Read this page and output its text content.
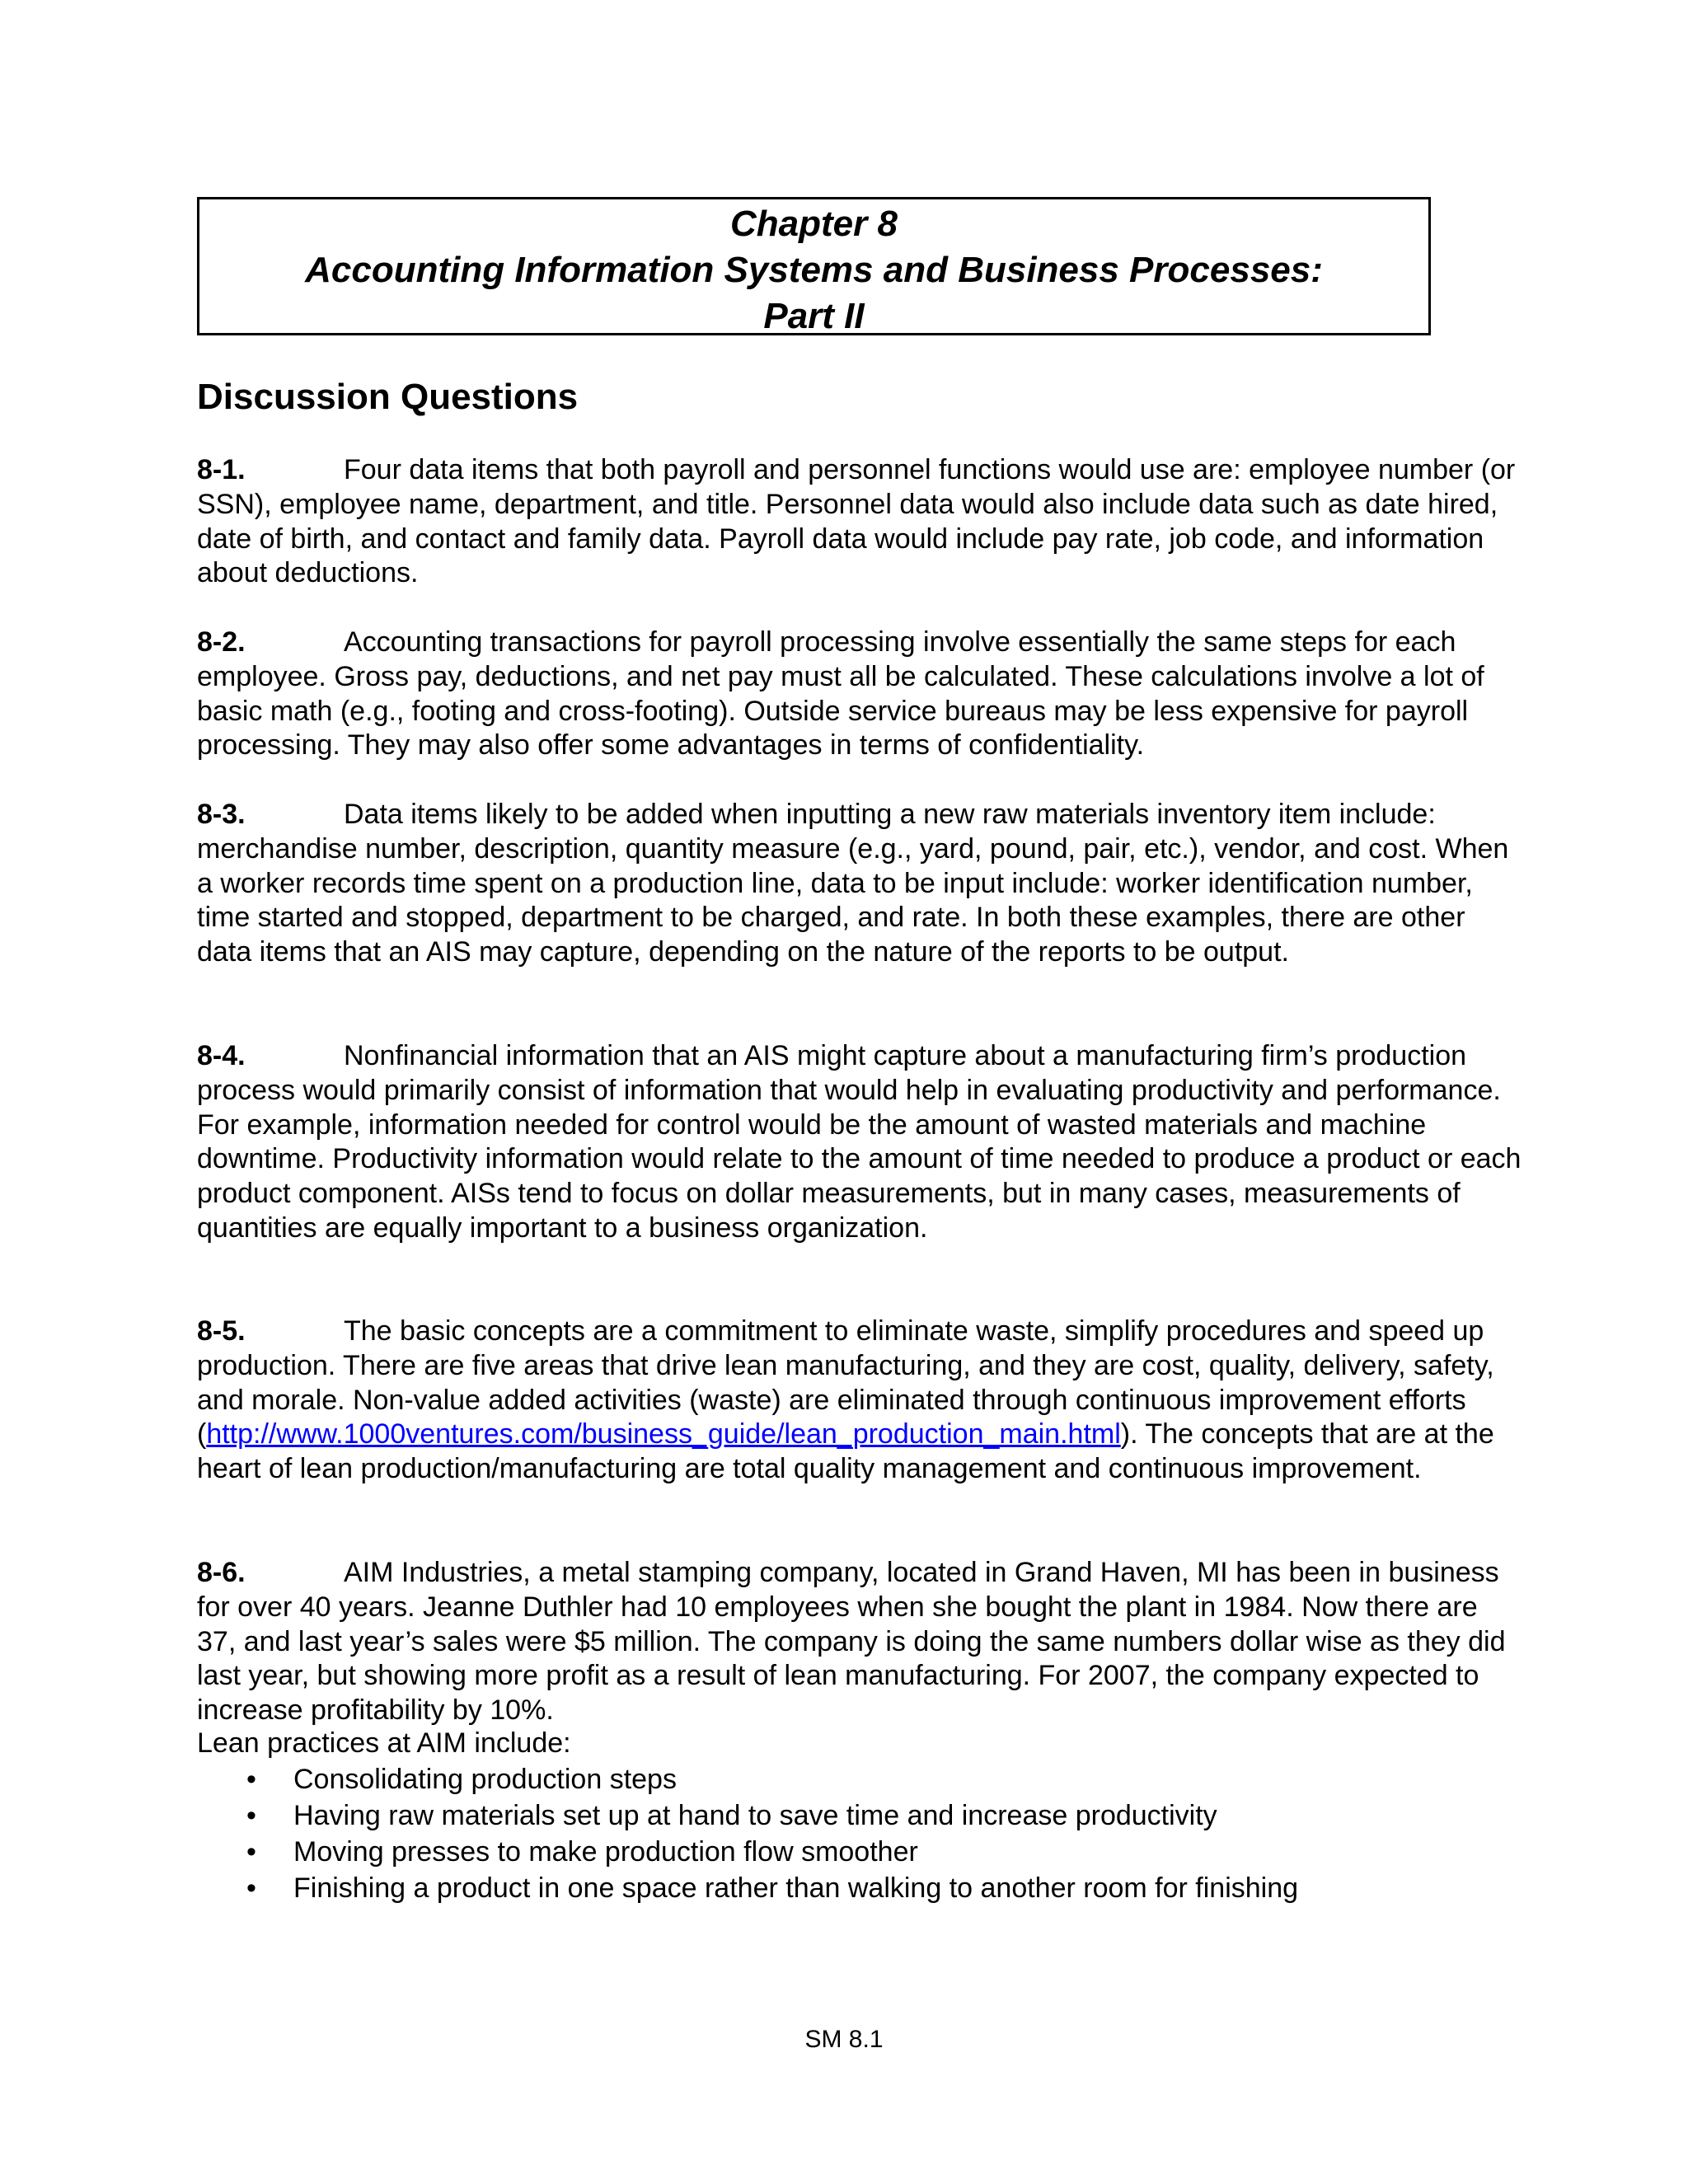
Chapter 8
Accounting Information Systems and Business Processes:
Part II
Discussion Questions
8-1.	Four data items that both payroll and personnel functions would use are: employee number (or SSN), employee name, department, and title. Personnel data would also include data such as date hired, date of birth, and contact and family data. Payroll data would include pay rate, job code, and information about deductions.
8-2.	Accounting transactions for payroll processing involve essentially the same steps for each employee. Gross pay, deductions, and net pay must all be calculated. These calculations involve a lot of basic math (e.g., footing and cross-footing). Outside service bureaus may be less expensive for payroll processing. They may also offer some advantages in terms of confidentiality.
8-3.	Data items likely to be added when inputting a new raw materials inventory item include: merchandise number, description, quantity measure (e.g., yard, pound, pair, etc.), vendor, and cost. When a worker records time spent on a production line, data to be input include: worker identification number, time started and stopped, department to be charged, and rate. In both these examples, there are other data items that an AIS may capture, depending on the nature of the reports to be output.
8-4.	Nonfinancial information that an AIS might capture about a manufacturing firm’s production process would primarily consist of information that would help in evaluating productivity and performance. For example, information needed for control would be the amount of wasted materials and machine downtime. Productivity information would relate to the amount of time needed to produce a product or each product component. AISs tend to focus on dollar measurements, but in many cases, measurements of quantities are equally important to a business organization.
8-5.	The basic concepts are a commitment to eliminate waste, simplify procedures and speed up production. There are five areas that drive lean manufacturing, and they are cost, quality, delivery, safety, and morale. Non-value added activities (waste) are eliminated through continuous improvement efforts (http://www.1000ventures.com/business_guide/lean_production_main.html). The concepts that are at the heart of lean production/manufacturing are total quality management and continuous improvement.
8-6.	AIM Industries, a metal stamping company, located in Grand Haven, MI has been in business for over 40 years. Jeanne Duthler had 10 employees when she bought the plant in 1984. Now there are 37, and last year’s sales were $5 million. The company is doing the same numbers dollar wise as they did last year, but showing more profit as a result of lean manufacturing. For 2007, the company expected to increase profitability by 10%.
Lean practices at AIM include:
• Consolidating production steps
• Having raw materials set up at hand to save time and increase productivity
• Moving presses to make production flow smoother
• Finishing a product in one space rather than walking to another room for finishing
SM 8.1
